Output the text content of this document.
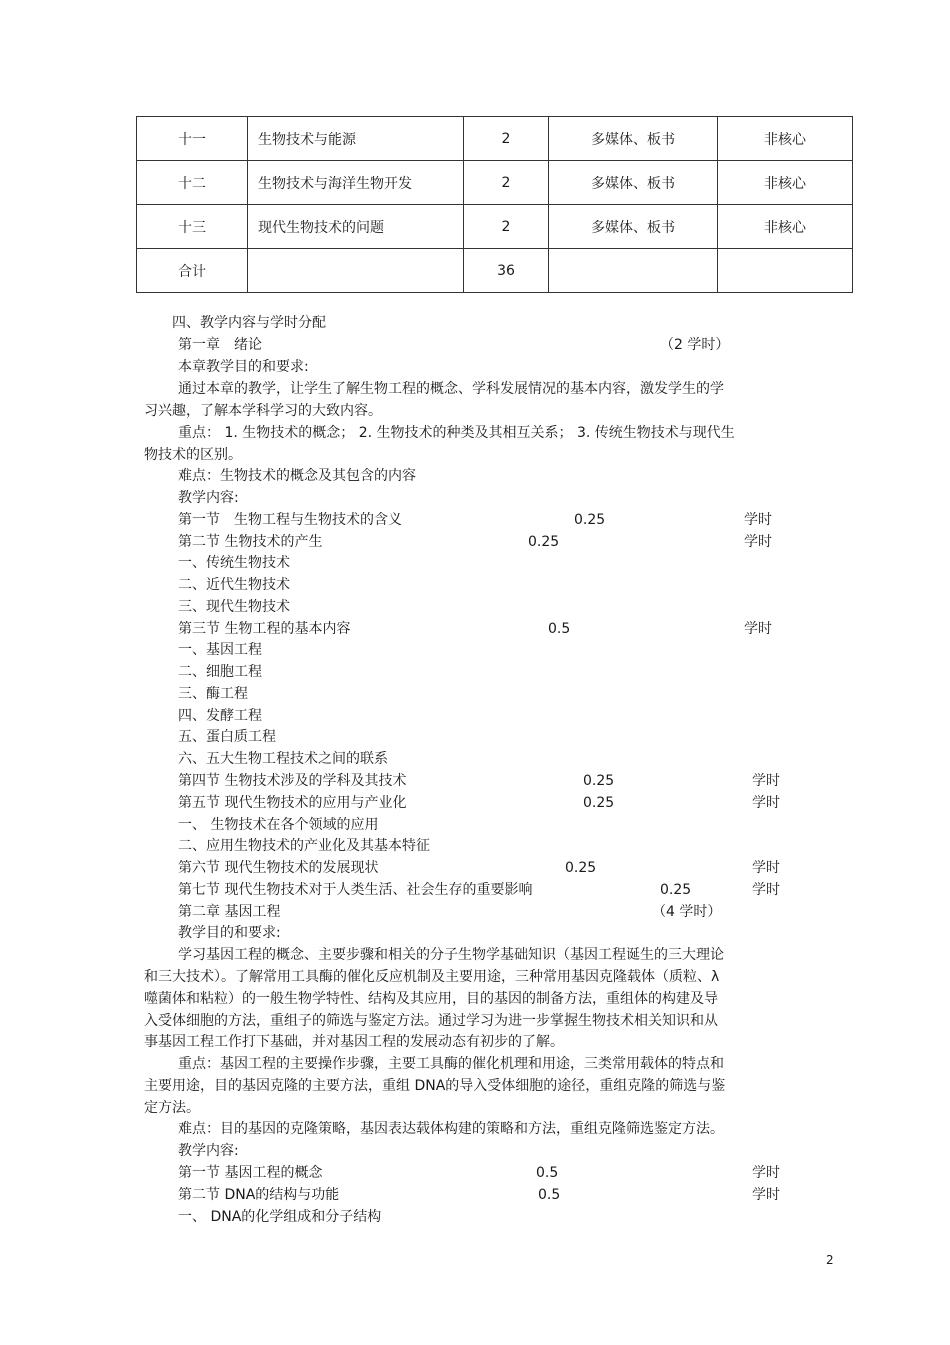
十一	生物技术与能源	2	多媒体、板书	非核心
十二	生物技术与海洋生物开发	2	多媒体、板书	非核心
十三	现代生物技术的问题	2	多媒体、板书	非核心
合计		36		
四、教学内容与学时分配
第一章　绪论	（2 学时）
本章教学目的和要求:
通过本章的教学，让学生了解生物工程的概念、学科发展情况的基本内容，激发学生的学
习兴趣，了解本学科学习的大致内容。
重点： 1. 生物技术的概念； 2. 生物技术的种类及其相互关系； 3. 传统生物技术与现代生
物技术的区别。
难点：生物技术的概念及其包含的内容
教学内容:
第一节　生物工程与生物技术的含义	0.25	学时
第二节 生物技术的产生	0.25	学时
一、传统生物技术
二、近代生物技术
三、现代生物技术
第三节 生物工程的基本内容	0.5	学时
一、基因工程
二、细胞工程
三、酶工程
四、发酵工程
五、蛋白质工程
六、五大生物工程技术之间的联系
第四节 生物技术涉及的学科及其技术	0.25	学时
第五节 现代生物技术的应用与产业化	0.25	学时
一、 生物技术在各个领域的应用
二、应用生物技术的产业化及其基本特征
第六节 现代生物技术的发展现状	0.25	学时
第七节 现代生物技术对于人类生活、社会生存的重要影响	0.25	学时
第二章 基因工程	（4 学时）
教学目的和要求:
学习基因工程的概念、主要步骤和相关的分子生物学基础知识（基因工程诞生的三大理论
和三大技术）。了解常用工具酶的催化反应机制及主要用途，三种常用基因克隆载体（质粒、λ
噬菌体和粘粒）的一般生物学特性、结构及其应用，目的基因的制备方法，重组体的构建及导
入受体细胞的方法，重组子的筛选与鉴定方法。通过学习为进一步掌握生物技术相关知识和从
事基因工程工作打下基础，并对基因工程的发展动态有初步的了解。
重点：基因工程的主要操作步骤，主要工具酶的催化机理和用途，三类常用载体的特点和
主要用途，目的基因克隆的主要方法，重组 DNA的导入受体细胞的途径，重组克隆的筛选与鉴
定方法。
难点：目的基因的克隆策略，基因表达载体构建的策略和方法，重组克隆筛选鉴定方法。
教学内容:
第一节 基因工程的概念	0.5	学时
第二节 DNA的结构与功能	0.5	学时
一、 DNA的化学组成和分子结构
2
